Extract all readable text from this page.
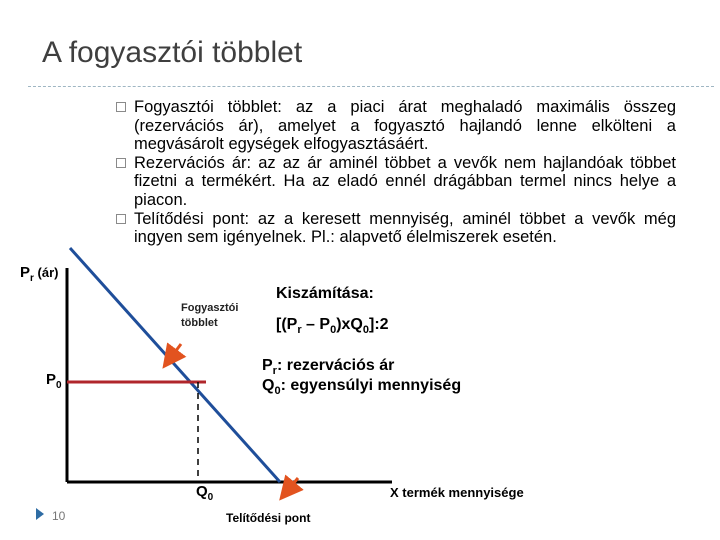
A fogyasztói többlet
Fogyasztói többlet: az a piaci árat meghaladó maximális összeg (rezervációs ár), amelyet a fogyasztó hajlandó lenne elkölteni a megvásárolt egységek elfogyasztásáért.
Rezervációs ár: az az ár aminél többet a vevők nem hajlandóak többet fizetni a termékért. Ha az eladó ennél drágábban termel nincs helye a piacon.
Telítődési pont: az a keresett mennyiség, aminél többet a vevők még ingyen sem igényelnek. Pl.: alapvető élelmiszerek esetén.
$P_r$ (ár)
$P_0$
$Q_0$	X termék mennyisége
Fogyasztói
többlet
Telítődési pont
Kiszámítása:
[($P_r$ – $P_0)xQ_0]:2$
$P_r$: rezervációs ár
$Q_0$: egyensúlyi mennyiség
10
